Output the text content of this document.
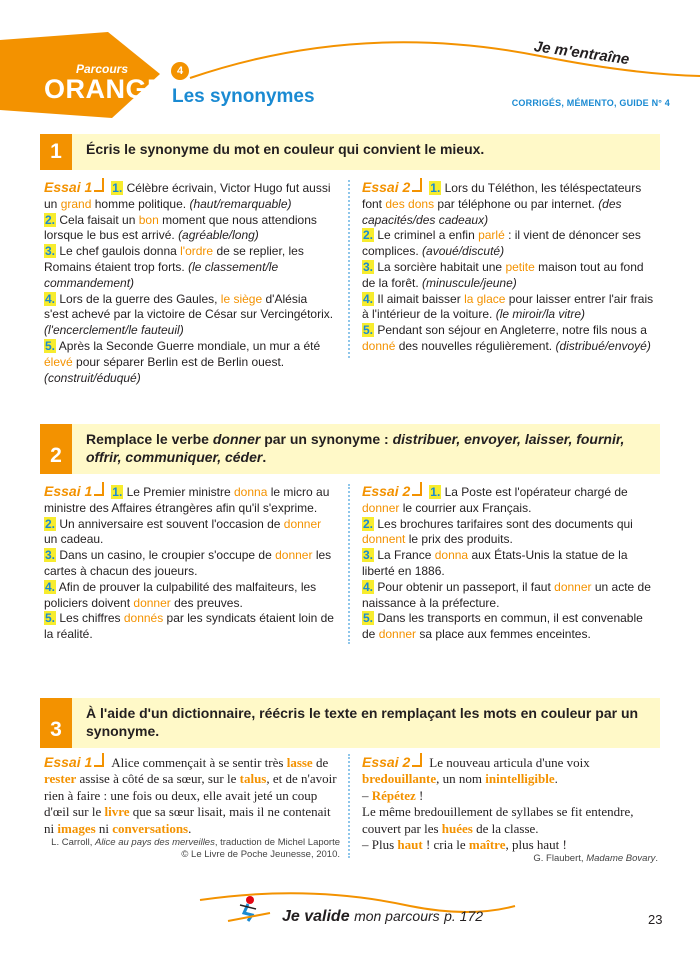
Parcours
ORANGE
4
Les synonymes
Je m'entraîne
CORRIGÉS, MÉMENTO, GUIDE N° 4
1	Écris le synonyme du mot en couleur qui convient le mieux.

Essai 1 1. Célèbre écrivain, Victor Hugo fut aussi un grand homme politique. (haut/remarquable)

2. Cela faisait un bon moment que nous attendions lorsque le bus est arrivé. (agréable/long)

3. Le chef gaulois donna l'ordre de se replier, les Romains étaient trop forts. (le classement/le commandement)

4. Lors de la guerre des Gaules, le siège d'Alésia s'est achevé par la victoire de César sur Vercingétorix. (l'encerclement/le fauteuil)

5. Après la Seconde Guerre mondiale, un mur a été élevé pour séparer Berlin est de Berlin ouest. (construit/éduqué)

Essai 2 1. Lors du Téléthon, les téléspectateurs font des dons par téléphone ou par internet. (des capacités/des cadeaux)

2. Le criminel a enfin parlé : il vient de dénoncer ses complices. (avoué/discuté)

3. La sorcière habitait une petite maison tout au fond de la forêt. (minuscule/jeune)

4. Il aimait baisser la glace pour laisser entrer l'air frais à l'intérieur de la voiture. (le miroir/la vitre)

5. Pendant son séjour en Angleterre, notre fils nous a donné des nouvelles régulièrement. (distribué/envoyé)

2
Remplace le verbe donner par un synonyme : distribuer, envoyer, laisser, fournir, offrir, communiquer, céder.

Essai 1 1. Le Premier ministre donna le micro au ministre des Affaires étrangères afin qu'il s'exprime.

2. Un anniversaire est souvent l'occasion de donner un cadeau.

3. Dans un casino, le croupier s'occupe de donner les cartes à chacun des joueurs.

4. Afin de prouver la culpabilité des malfaiteurs, les policiers doivent donner des preuves.

5. Les chiffres donnés par les syndicats étaient loin de la réalité.

Essai 2 1. La Poste est l'opérateur chargé de donner le courrier aux Français.

2. Les brochures tarifaires sont des documents qui donnent le prix des produits.

3. La France donna aux États-Unis la statue de la liberté en 1886.

4. Pour obtenir un passeport, il faut donner un acte de naissance à la préfecture.

5. Dans les transports en commun, il est convenable de donner sa place aux femmes enceintes.

3
À l'aide d'un dictionnaire, réécris le texte en remplaçant les mots en couleur par un synonyme.

Essai 1 Alice commençait à se sentir très lasse de rester assise à côté de sa sœur, sur le talus, et de n'avoir rien à faire : une fois ou deux, elle avait jeté un coup d'œil sur le livre que sa sœur lisait, mais il ne contenait ni images ni conversations.

L. Carroll, Alice au pays des merveilles, traduction de Michel Laporte

© Le Livre de Poche Jeunesse, 2010.

Essai 2 Le nouveau articula d'une voix bredouillante, un nom inintelligible.

– Répétez !

Le même bredouillement de syllabes se fit entendre, couvert par les huées de la classe.

– Plus haut ! cria le maître, plus haut !

G. Flaubert, Madame Bovary.

Je valide mon parcours p. 172	23
